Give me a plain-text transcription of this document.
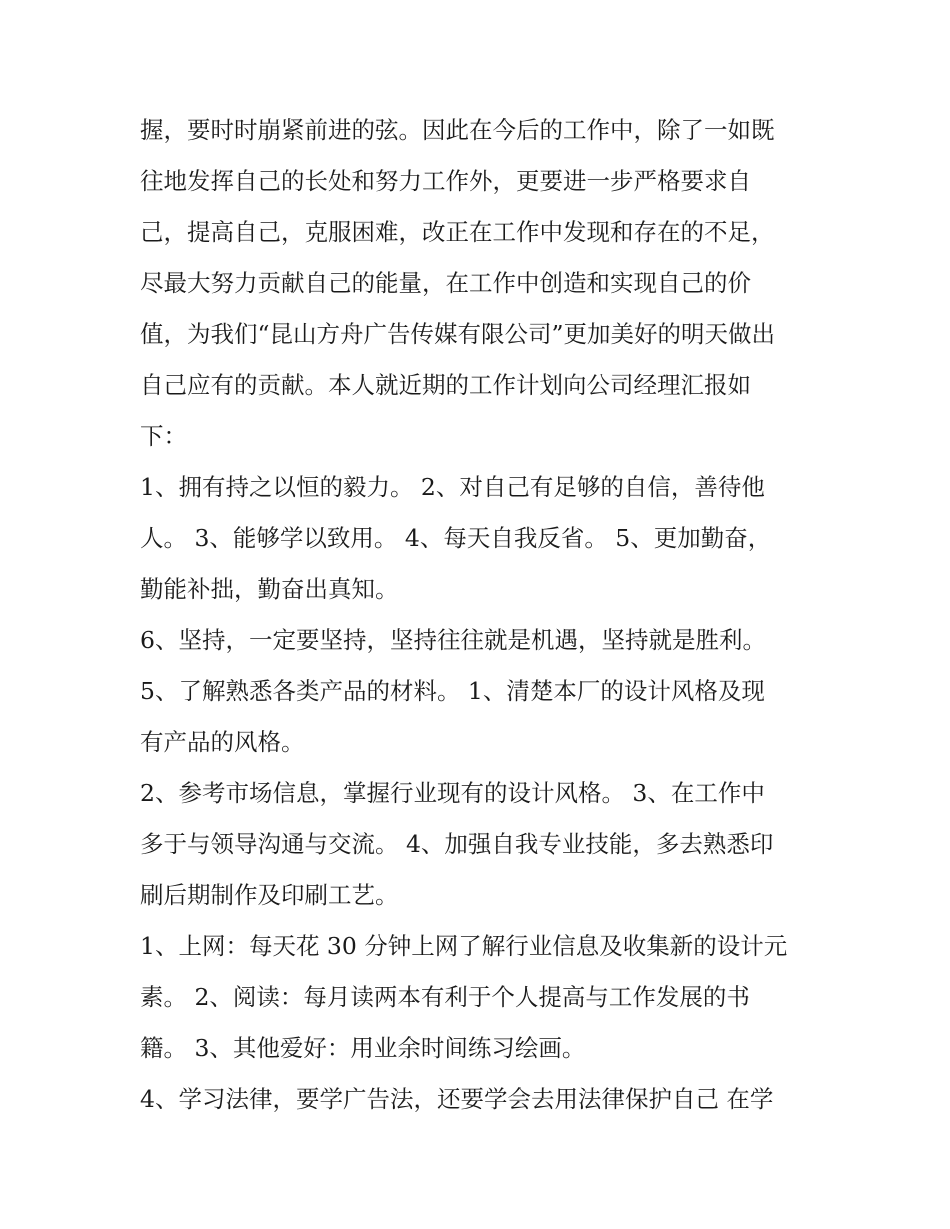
握，要时时崩紧前进的弦。因此在今后的工作中，除了一如既
往地发挥自己的长处和努力工作外，更要进一步严格要求自
己，提高自己，克服困难，改正在工作中发现和存在的不足，
尽最大努力贡献自己的能量，在工作中创造和实现自己的价
值，为我们“昆山方舟广告传媒有限公司”更加美好的明天做出
自己应有的贡献。本人就近期的工作计划向公司经理汇报如
下：
1、拥有持之以恒的毅力。 2、对自己有足够的自信，善待他
人。 3、能够学以致用。 4、每天自我反省。 5、更加勤奋，
勤能补拙，勤奋出真知。
6、坚持，一定要坚持，坚持往往就是机遇，坚持就是胜利。
5、了解熟悉各类产品的材料。 1、清楚本厂的设计风格及现
有产品的风格。
2、参考市场信息，掌握行业现有的设计风格。 3、在工作中
多于与领导沟通与交流。 4、加强自我专业技能，多去熟悉印
刷后期制作及印刷工艺。
1、上网：每天花 30 分钟上网了解行业信息及收集新的设计元
素。 2、阅读：每月读两本有利于个人提高与工作发展的书
籍。 3、其他爱好：用业余时间练习绘画。
4、学习法律，要学广告法，还要学会去用法律保护自己 在学
